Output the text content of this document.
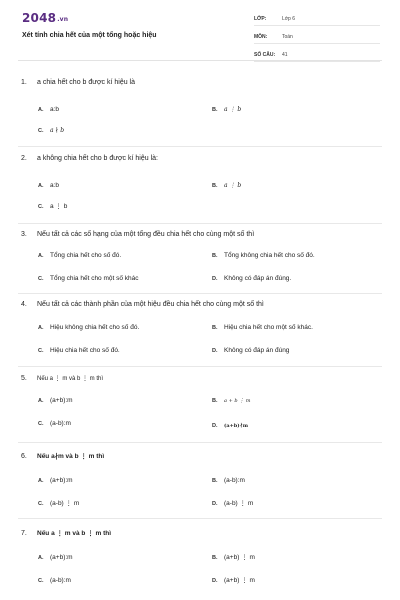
2048.vn
Xét tính chia hết của một tổng hoặc hiệu
LỚP:	Lớp 6
MÔN:	Toán
SỐ CÂU:	41
1. a chia hết cho b được kí hiệu là
A. a:b	B. a ⋮ b
C. a ∤ b
2. a không chia hết cho b được kí hiệu là:
A. a:b	B. a ⋮ b
C. a ⋮ b
3. Nếu tất cả các số hạng của một tổng đều chia hết cho cùng một số thì
A. Tổng chia hết cho số đó.	B. Tổng không chia hết cho số đó.
C. Tổng chia hết cho một số khác	D. Không có đáp án đúng.
4. Nếu tất cả các thành phần của một hiệu đều chia hết cho cùng một số thì
A. Hiệu không chia hết cho số đó.	B. Hiệu chia hết cho một số khác.
C. Hiệu chia hết cho số đó.	D. Không có đáp án đúng
5. Nếu a ⋮ m và b ⋮ m thì
A. (a+b):m	B. a + b ⋮ m
C. (a-b):m	D. (a+b)∤m
6. Nếu a∤m và b ⋮ m thì
A. (a+b):m	B. (a-b):m
C. (a-b) ⋮ m	D. (a-b) ⋮ m
7. Nếu a ⋮ m và b ⋮ m thì
A. (a+b):m	B. (a+b) ⋮ m
C. (a-b):m	D. (a+b) ⋮ m
